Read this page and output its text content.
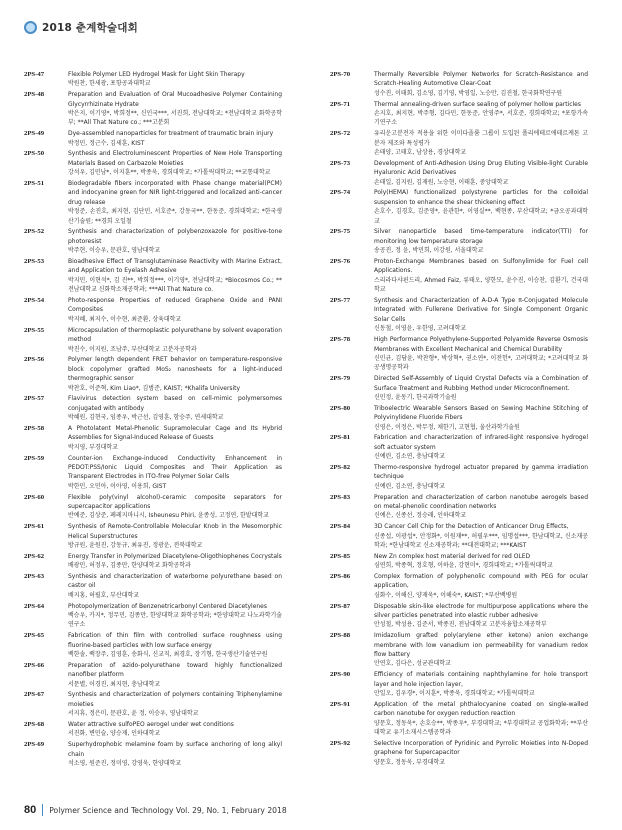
2018 춘계학술대회
2PS-47	Flexible Polymer LED Hydrogel Mask for Light Skin Therapy
박원찬, 한세광, 포항공과대학교
2PS-48	Preparation and Evaluation of Oral Mucoadhesive Polymer Containing Glycyrrhizinate Hydrate
박은지, 이기영*, 박희정**, 신인국***, 서진희, 전남대학교; *전남대학교 화학공학부; **All That Nature co.; ***고분회
2PS-49	Dye-assembled nanoparticles for treatment of traumatic brain injury
박정민, 정근수, 김세훈, KIST
2PS-50	Synthesis and Electroluminescent Properties of New Hole Transporting Materials Based on Carbazole Moieties
강석우, 김민남*, 이지훈**, 박종욱, 경희대학교; *가톨릭대학교; **교통대학교
2PS-51	Biodegradable fibers incorporated with Phase change material(PCM) and indocyanine green for NIR light-triggered and localized anti-cancer drug release
박정준, 손진호, 최지현, 김단민, 서호준*, 강동국**, 한동준, 경희대학교; *한국생산기술원; **경희 오일철
2PS-52	Synthesis and characterization of polybenzoxazole for positive-tone photoresist
박주현, 이승우, 문관호, 영남대학교
2PS-53	Bioadhesive Effect of Transglutaminase Reactivity with Marine Extract, and Application to Eyelash Adhesive
박지민, 이현석*, 김 진**, 박희정***, 이기영*, 전남대학교; *Biocosmos Co.; **전남대학교 신화학소재공학과; ***All That Nature co.
2PS-54	Photo-response Properties of reduced Graphene Oxide and PANI Composites
박지혜, 최지수, 이수현, 최준환, 상육대학교
2PS-55	Microcapsulation of thermoplastic polyurethane by solvent evaporation method
박진수, 이지원, 조남주, 부산대학교 고분자공학과
2PS-56	Polymer length dependent FRET behavior on temperature-responsive block copolymer grafted MoS₂ nanosheets for a light-induced thermographic sensor
박찬호, 이준혁, Kim Liao*, 김범준, KAIST; *Khalifa University
2PS-57	Flavivirus detection system based on cell-mimic polymersomes conjugated with antibody
박혜원, 김현국, 임종우, 박근선, 김영훈, 함승주, 연세대학교
2PS-58	A Photolatent Metal-Phenolic Supramolecular Cage and Its Hybrid Assemblies for Signal-Induced Release of Guests
박지영, 부경대학교
2PS-59	Counter-ion Exchange-induced Conductivity Enhancement in PEDOT:PSS/Ionic Liquid Composites and Their Application as Transparent Electrodes in ITO-free Polymer Solar Cells
박한민, 오민아, 이아영, 이용희, GIST
2PS-60	Flexible poly(vinyl alcohol)-ceramic composite separators for supercapacitor applications
반예준, 김상준, 페레지마니시, Isheunesu Phiri, 윤종성, 고정연, 한밭대학교
2PS-61	Synthesis of Remote-Controllable Molecular Knob in the Mesomorphic Helical Superstructures
방규원, 윤원진, 강동규, 최유진, 정광운, 전북대학교
2PS-62	Energy Transfer in Polymerized Diacetylene-Oligothiophenes Cocrystals
배광민, 허정우, 김종만, 한양대학교 화학공학과
2PS-63	Synthesis and characterization of waterborne polyurethane based on castor oil
배지홍, 허필호, 부산대학교
2PS-64	Photopolymerization of Benzenetricarbonyl Centered Diacetylenes
백승우, 카지*, 정무민, 김종만, 한양대학교 화학공학과; *한양대학교 나노과학기술연구소
2PS-65	Fabrication of thin film with controlled surface roughness using fluorine-based particles with low surface energy
백한솔, 백장주, 김영훈, 송화식, 신교직, 최경호, 장기형, 한국생산기술연구원
2PS-66	Preparation of azido-polyurethane toward highly functionalized nanofiber platform
서문별, 이경진, 최지현, 충남대학교
2PS-67	Synthesis and characterization of polymers containing Triphenylamine moieties
서지휴, 정은미, 문관호, 윤 정, 이승우, 영남대학교
2PS-68	Water attractive sulfoPEO aerogel under wet conditions
서진화, 변민슬, 양승재, 인하대학교
2PS-69	Superhydrophobic melamine foam by surface anchoring of long alkyl chain
석소영, 원준진, 정미영, 강영욱, 한양대학교
2PS-70	Thermally Reversible Polymer Networks for Scratch-Resistance and Scratch-Healing Automotive Clear-Coat
성수진, 이태회, 김소영, 김기영, 박영일, 노승만, 김진철, 한국화학연구원
2PS-71	Thermal annealing-driven surface sealing of polymer hollow particles
손지호, 최지현, 박주형, 김다민, 한동준, 안영주*, 서호준, 경희대학교; *포항가속기연구소
2PS-72	유리운고분전자 적용을 위한 이미다졸륨 그룹이 도입된 폴리에테르에테르케톤 고분자 제조와 특성평가
손태양, 고태호, 남상용, 경상대학교
2PS-73	Development of Anti-Adhesion Using Drug Eluting Visible-light Curable Hyaluronic Acid Derivatives
손태일, 김지원, 김재원, 노승현, 이태훈, 중앙대학교
2PS-74	Poly(HEMA) functionalized polystyrene particles for the colloidal suspension to enhance the shear thickening effect
손호수, 김경호, 김준영*, 윤관한*, 이영실**, 백현종, 부산대학교; *금오공과대학교
2PS-75	Silver nanoparticle based time-temperature indicator(TTI) for monitoring low temperature storage
송공진, 정 윤, 박민희, 이강원, 서울대학교
2PS-76	Proton-Exchange Membranes based on Sulfonylimide for Fuel cell Applications.
스리라다샤핀드리, Ahmed Faiz, 류태오, 양한모, 윤수진, 이승찬, 김환기, 건국대학교
2PS-77	Synthesis and Characterization of A-D-A Type π-Conjugated Molecule Integrated with Fullerene Derivative for Single Component Organic Solar Cells
신동철, 이영윤, 우한영, 고려대학교
2PS-78	High Performance Polyethylene-Supported Polyamide Reverse Osmosis Membranes with Excellent Mechanical and Chemical Durability
신민균, 김담윤, 박찬형*, 박상혁*, 권소연*, 이전헌*, 고려대학교; *고려대학교 화공생명공학과
2PS-79	Directed Self-Assembly of Liquid Crystal Defects via a Combination of Surface Treatment and Rubbing Method under Microconfinement.
신민정, 윤동기, 한국과학기술원
2PS-80	Triboelectric Wearable Sensors Based on Sewing Machine Stitching of Polyvinylidene Fluoride Fibers
신영은, 이정은, 박무정, 채한기, 고현협, 울산과학기술원
2PS-81	Fabrication and characterization of infrared-light responsive hydrogel soft actuator system
신예린, 김소연, 충남대학교
2PS-82	Thermo-responsive hydrogel actuator prepared by gamma irradiation technique
신예린, 김소연, 충남대학교
2PS-83	Preparation and characterization of carbon nanotube aerogels based on metal-phenolic coordination networks
신예은, 신종선, 정승래, 인하대학교
2PS-84	3D Cancer Cell Chip for the Detection of Anticancer Drug Effects,
신종섭, 이광섭*, 안정화*, 이원재**, 허필우***, 임명섭***, 한남대학교, 신소재공학과; *한남대학교 신소재공학과; **대전대학교; ***KAIST
2PS-85	New Zn complex host material derived for red OLED
심연희, 박종혁, 정호형, 이하윤, 강현미*, 경희대학교; *가톨릭대학교
2PS-86	Complex formation of polyphenolic compound with PEG for ocular application,
심화수, 이해신, 양재욱*, 이해숙*, KAIST; *부산백병원
2PS-87	Disposable skin-like electrode for multipurpose applications where the silver particles penetrated into elastic rubber adhesive
안성철, 박성용, 김준서, 박종진, 전남대학교 고분자융합소재공학부
2PS-88	Imidazolium grafted poly(arylene ether ketone) anion exchange membrane with low vanadium ion permeability for vanadium redox flow battery
안연호, 김다은, 성균관대학교
2PS-90	Efficiency of materials containing naphthylamine for hole transport layer and hole injection layer,
안일오, 김우경*, 이지훈*, 박종욱, 경희대학교; *가톨릭대학교
2PS-91	Application of the metal phthalocyanine coated on single-walled carbon nanotube for oxygen reduction reaction
양문호, 정동욱*, 손호승**, 박종우*, 부경대학교; *부경대학교 공업화학과; **부산대학교 유기소재시스템공학과
2PS-92	Selective Incorporation of Pyridinic and Pyrrolic Moieties into N-Doped graphene for Supercapacitor
양문호, 정동욱, 부경대학교
80	Polymer Science and Technology Vol. 29, No. 1, February 2018
